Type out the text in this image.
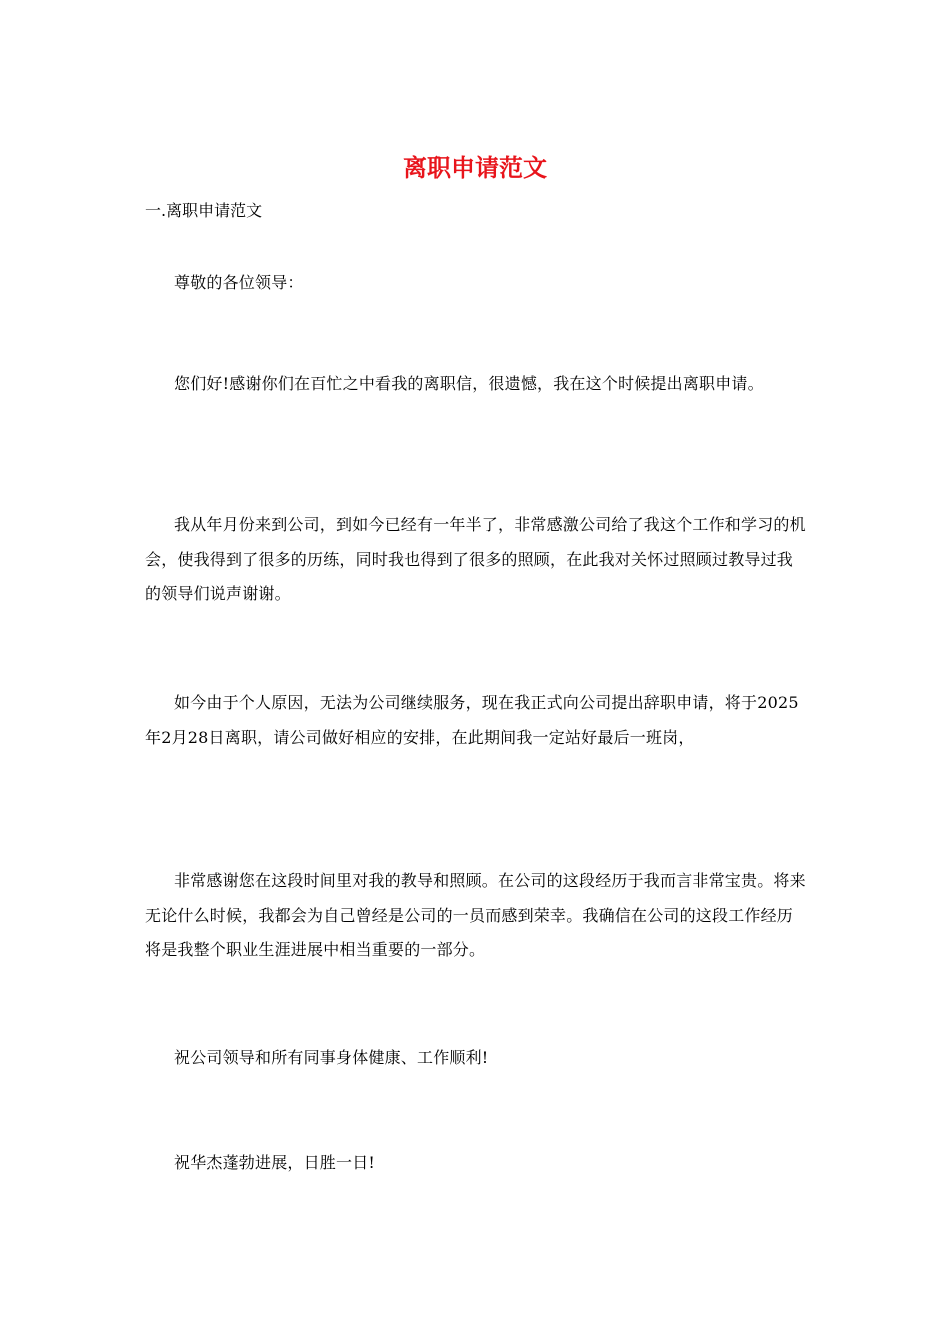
离职申请范文

一.离职申请范文

尊敬的各位领导：

您们好!感谢你们在百忙之中看我的离职信，很遗憾，我在这个时候提出离职申请。

我从年月份来到公司，到如今已经有一年半了，非常感激公司给了我这个工作和学习的机会，使我得到了很多的历练，同时我也得到了很多的照顾，在此我对关怀过照顾过教导过我的领导们说声谢谢。

如今由于个人原因，无法为公司继续服务，现在我正式向公司提出辞职申请，将于2025年2月28日离职，请公司做好相应的安排，在此期间我一定站好最后一班岗，

非常感谢您在这段时间里对我的教导和照顾。在公司的这段经历于我而言非常宝贵。将来无论什么时候，我都会为自己曾经是公司的一员而感到荣幸。我确信在公司的这段工作经历将是我整个职业生涯进展中相当重要的一部分。

祝公司领导和所有同事身体健康、工作顺利!

祝华杰蓬勃进展，日胜一日!
